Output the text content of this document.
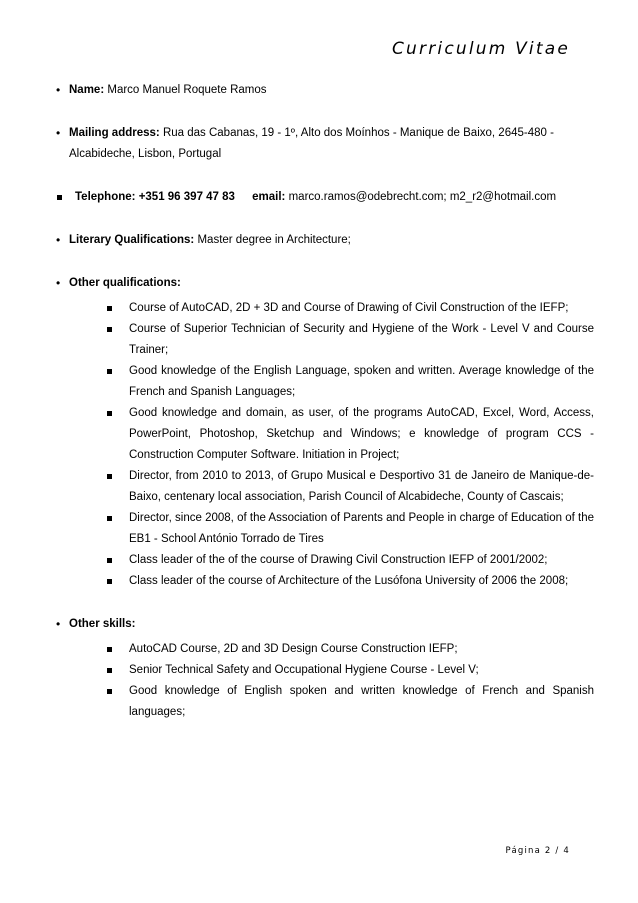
Curriculum Vitae
• Name: Marco Manuel Roquete Ramos
• Mailing address: Rua das Cabanas, 19 - 1º, Alto dos Moínhos - Manique de Baixo, 2645-480 - Alcabideche, Lisbon, Portugal
Telephone: +351 96 397 47 83 email: marco.ramos@odebrecht.com; m2_r2@hotmail.com
• Literary Qualifications: Master degree in Architecture;
• Other qualifications:
Course of AutoCAD, 2D + 3D and Course of Drawing of Civil Construction of the IEFP;
Course of Superior Technician of Security and Hygiene of the Work - Level V and Course Trainer;
Good knowledge of the English Language, spoken and written. Average knowledge of the French and Spanish Languages;
Good knowledge and domain, as user, of the programs AutoCAD, Excel, Word, Access, PowerPoint, Photoshop, Sketchup and Windows; e knowledge of program CCS - Construction Computer Software. Initiation in Project;
Director, from 2010 to 2013, of Grupo Musical e Desportivo 31 de Janeiro de Manique-de-Baixo, centenary local association, Parish Council of Alcabideche, County of Cascais;
Director, since 2008, of the Association of Parents and People in charge of Education of the EB1 - School António Torrado de Tires
Class leader of the of the course of Drawing Civil Construction IEFP of 2001/2002;
Class leader of the course of Architecture of the Lusófona University of 2006 the 2008;
• Other skills:
AutoCAD Course, 2D and 3D Design Course Construction IEFP;
Senior Technical Safety and Occupational Hygiene Course - Level V;
Good knowledge of English spoken and written knowledge of French and Spanish languages;
Página 2 / 4
